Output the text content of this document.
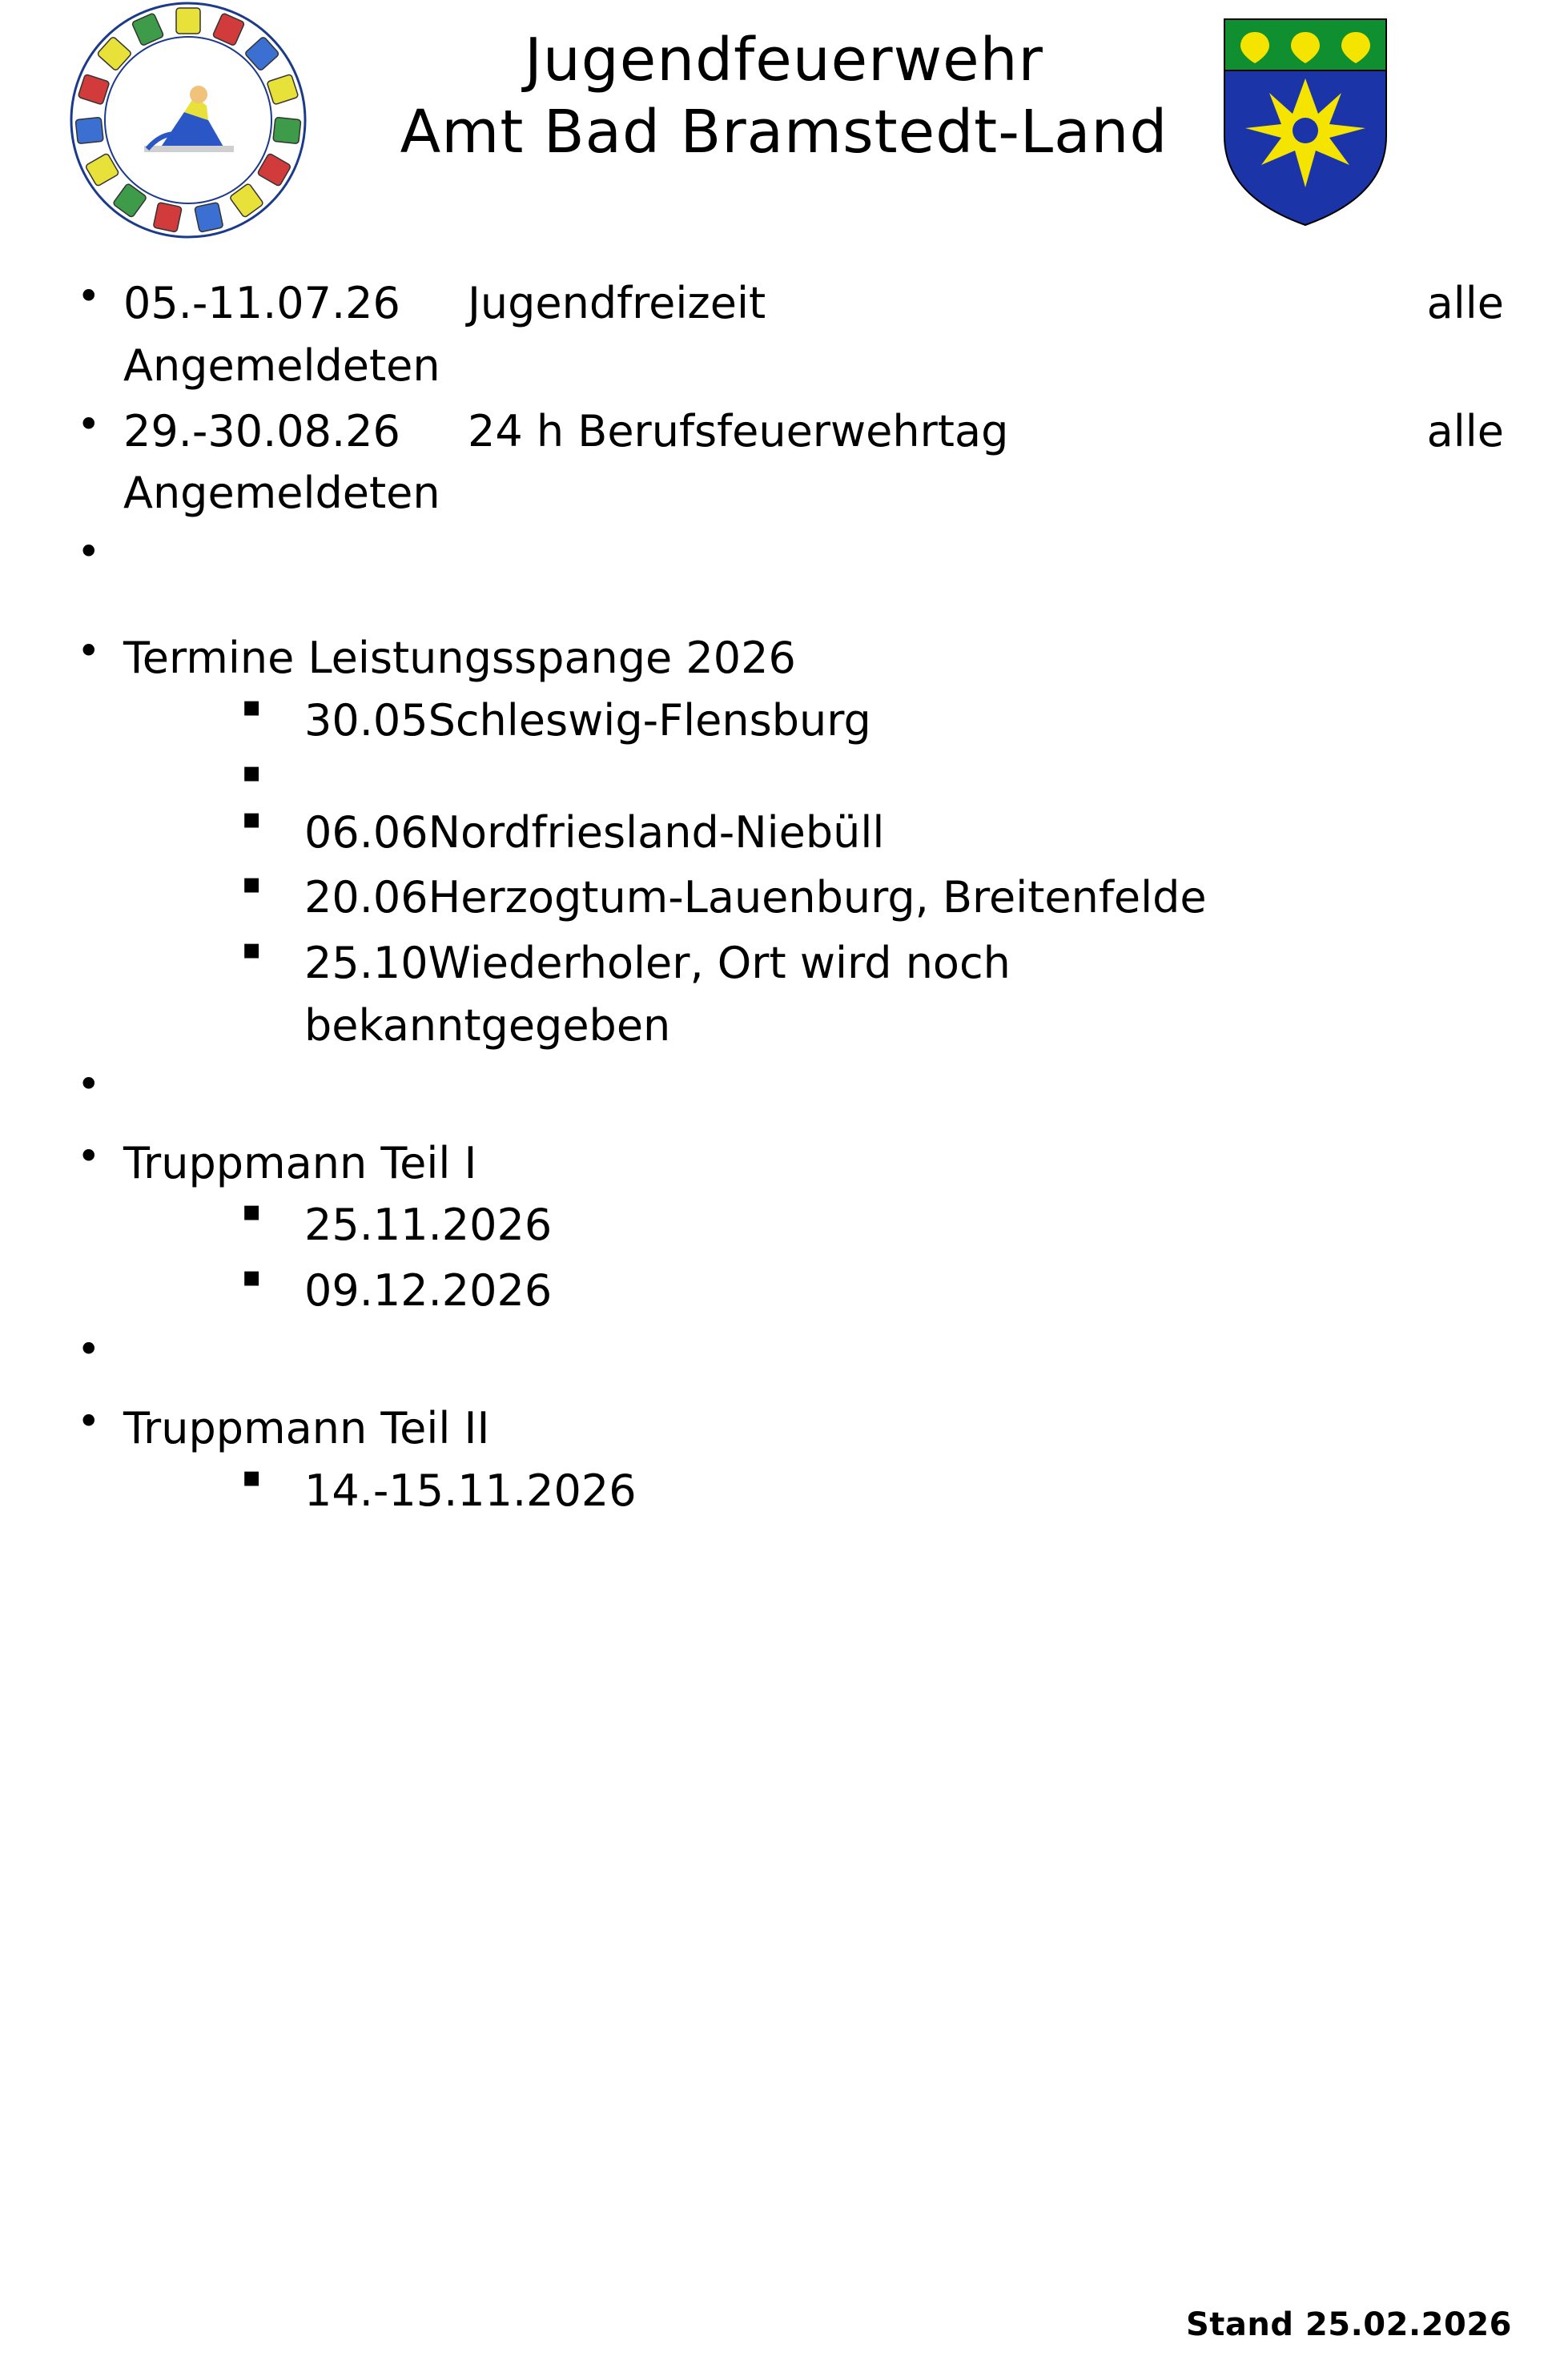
Jugendfeuerwehr
Amt Bad Bramstedt-Land
• 05.-11.07.26 Jugendfreizeit	alle
Angemeldeten
• 29.-30.08.26 24 h Berufsfeuerwehrtag	alle
Angemeldeten
•
• Termine Leistungsspange 2026
▪ 30.05Schleswig-Flensburg
▪
▪ 06.06Nordfriesland-Niebüll
▪ 20.06Herzogtum-Lauenburg, Breitenfelde
▪ 25.10Wiederholer, Ort wird noch
bekanntgegeben
•
• Truppmann Teil I
▪ 25.11.2026
▪ 09.12.2026
•
• Truppmann Teil II
▪ 14.-15.11.2026
Stand 25.02.2026
